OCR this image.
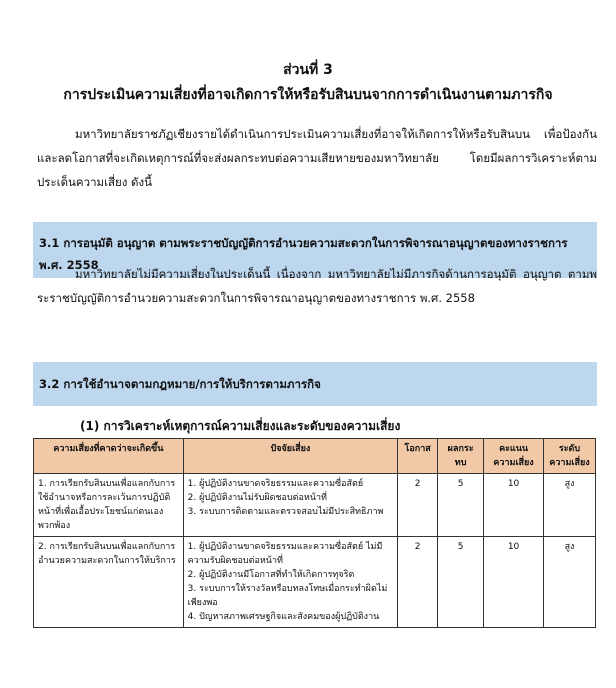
ส่วนที่ 3
การประเมินความเสี่ยงที่อาจเกิดการให้หรือรับสินบนจากการดำเนินงานตามภารกิจ
มหาวิทยาลัยราชภัฏเชียงรายได้ดำเนินการประเมินความเสี่ยงที่อาจให้เกิดการให้หรือรับสินบน เพื่อป้องกันและลดโอกาสที่จะเกิดเหตุการณ์ที่จะส่งผลกระทบต่อความเสียหายของมหาวิทยาลัย โดยมีผลการวิเคราะห์ตามประเด็นความเสี่ยง ดังนี้
3.1 การอนุมัติ อนุญาต ตามพระราชบัญญัติการอำนวยความสะดวกในการพิจารณาอนุญาตของทางราชการ พ.ศ. 2558
มหาวิทยาลัยไม่มีความเสี่ยงในประเด็นนี้ เนื่องจาก มหาวิทยาลัยไม่มีภารกิจด้านการอนุมัติ อนุญาต ตามพระราชบัญญัติการอำนวยความสะดวกในการพิจารณาอนุญาตของทางราชการ พ.ศ. 2558
3.2 การใช้อำนาจตามกฎหมาย/การให้บริการตามภารกิจ
(1) การวิเคราะห์เหตุการณ์ความเสี่ยงและระดับของความเสี่ยง
ความเสี่ยงที่คาดว่าจะเกิดขึ้น	ปัจจัยเสี่ยง	โอกาส	ผลกระทบ	คะแนนความเสี่ยง	ระดับความเสี่ยง
1. การเรียกรับสินบนเพื่อแลกกับการใช้อำนาจหรือการละเว้นการปฏิบัติหน้าที่เพื่อเอื้อประโยชน์แก่ตนเองพวกพ้อง	1. ผู้ปฏิบัติงานขาดจริยธรรมและความซื่อสัตย์
2. ผู้ปฏิบัติงานไม่รับผิดชอบต่อหน้าที่
3. ระบบการติดตามและตรวจสอบไม่มีประสิทธิภาพ	2	5	10	สูง
2. การเรียกรับสินบนเพื่อแลกกับการอำนวยความสะดวกในการให้บริการ	1. ผู้ปฏิบัติงานขาดจริยธรรมและความซื่อสัตย์ ไม่มีความรับผิดชอบต่อหน้าที่
2. ผู้ปฏิบัติงานมีโอกาสที่ทำให้เกิดการทุจริต
3. ระบบการให้รางวัลหรือบทลงโทษเมื่อกระทำผิดไม่เพียงพอ
4. ปัญหาสภาพเศรษฐกิจและสังคมของผู้ปฏิบัติงาน	2	5	10	สูง
